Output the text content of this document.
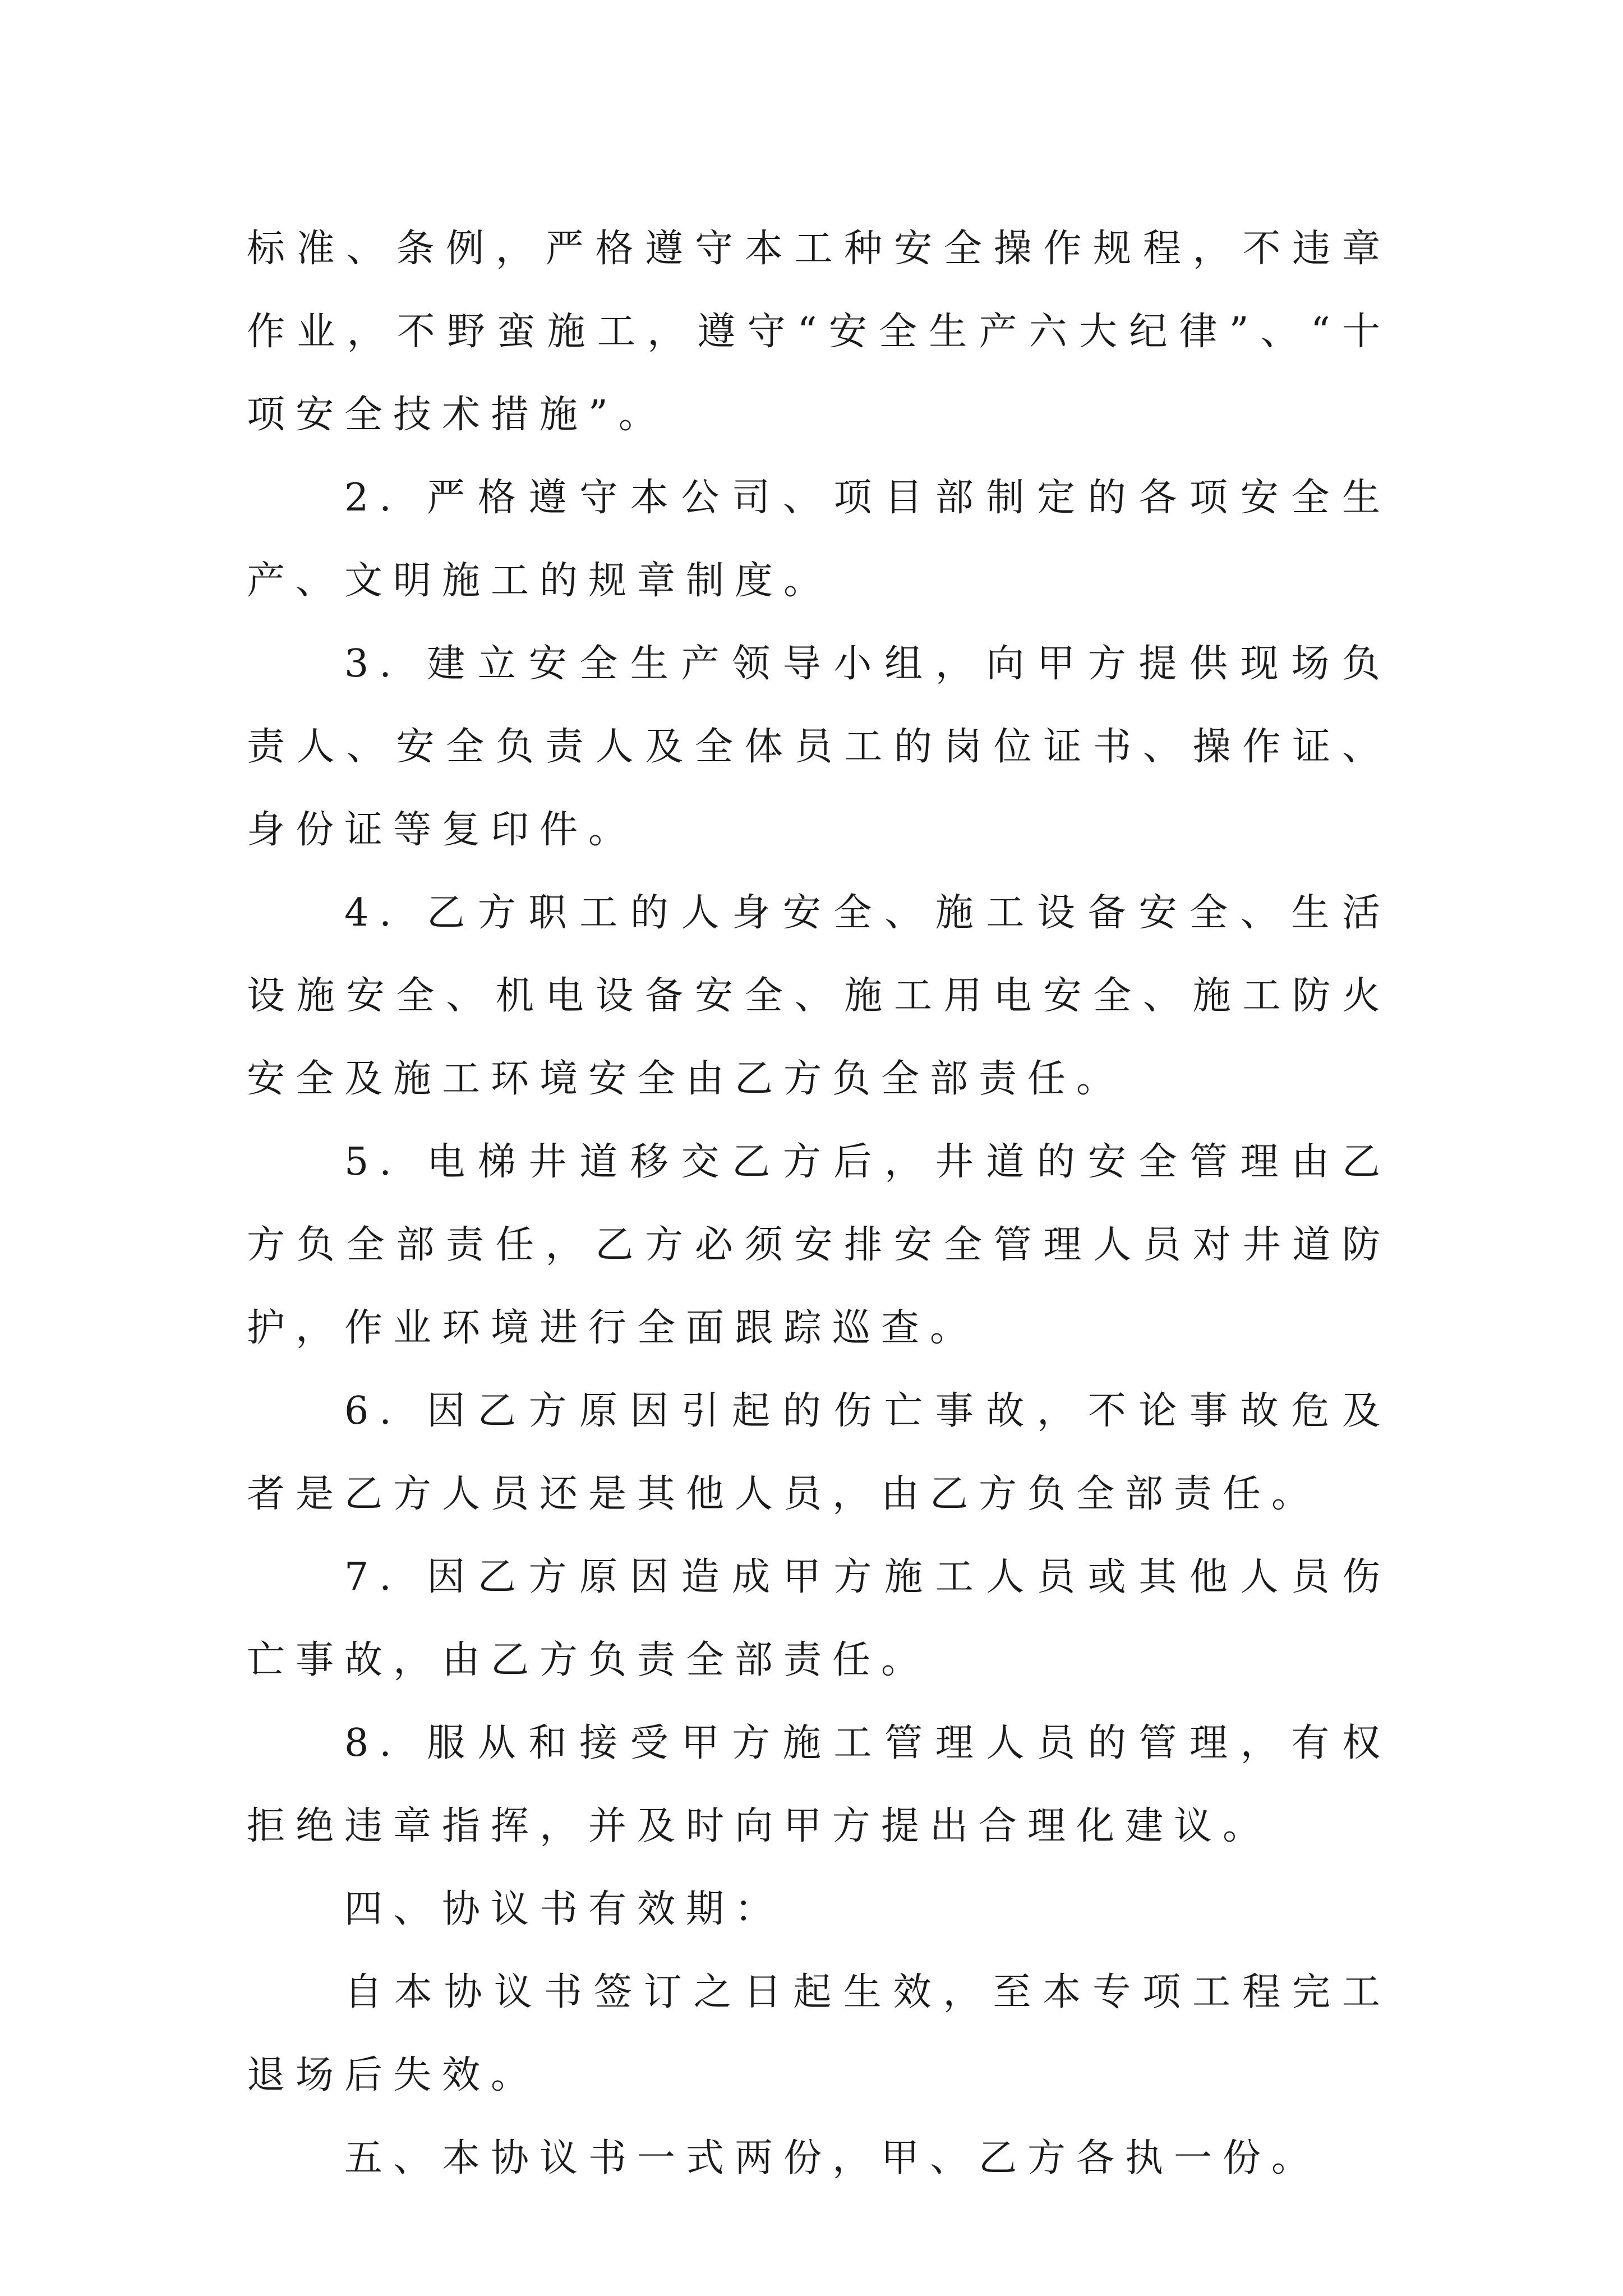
标准、条例，严格遵守本工种安全操作规程，不违章作业，不野蛮施工，遵守“安全生产六大纪律”、“十项安全技术措施”。

2. 严格遵守本公司、项目部制定的各项安全生产、文明施工的规章制度。

3. 建立安全生产领导小组，向甲方提供现场负责人、安全负责人及全体员工的岗位证书、操作证、身份证等复印件。

4. 乙方职工的人身安全、施工设备安全、生活设施安全、机电设备安全、施工用电安全、施工防火安全及施工环境安全由乙方负全部责任。

5. 电梯井道移交乙方后，井道的安全管理由乙方负全部责任，乙方必须安排安全管理人员对井道防护，作业环境进行全面跟踪巡查。

6. 因乙方原因引起的伤亡事故，不论事故危及者是乙方人员还是其他人员，由乙方负全部责任。

7. 因乙方原因造成甲方施工人员或其他人员伤亡事故，由乙方负责全部责任。

8. 服从和接受甲方施工管理人员的管理，有权拒绝违章指挥，并及时向甲方提出合理化建议。

四、协议书有效期：

自本协议书签订之日起生效，至本专项工程完工退场后失效。

五、本协议书一式两份，甲、乙方各执一份。
